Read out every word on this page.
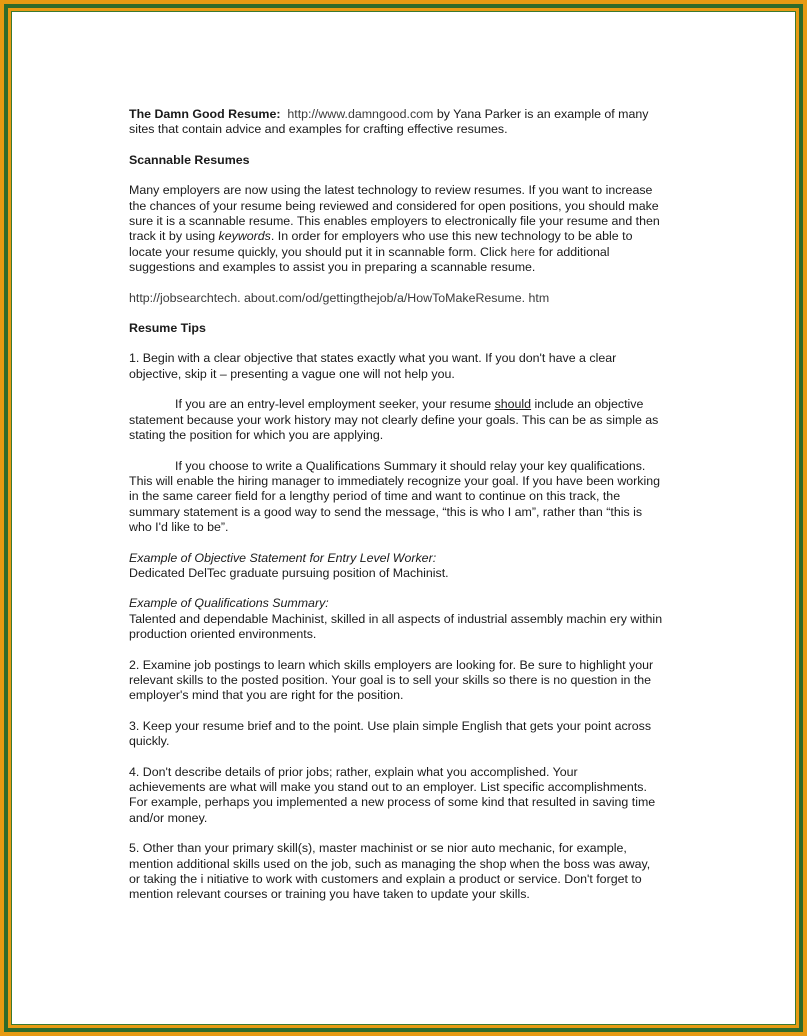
The Damn Good Resume: http://www.damngood.com by Yana Parker is an example of many

sites that contain advice and examples for crafting effective resumes.

Scannable Resumes

Many employers are now using the latest technology to review resumes. If you want to increase

the chances of your resume being reviewed and considered for open positions, you should make

sure it is a scannable resume. This enables employers to electronically file your resume and then

track it by using keywords. In order for employers who use this new technology to be able to

locate your resume quickly, you should put it in scannable form. Click here for additional

suggestions and examples to assist you in preparing a scannable resume.

http://jobsearchtech. about.com/od/gettingthejob/a/HowToMakeResume. htm

Resume Tips

1. Begin with a clear objective that states exactly what you want. If you don't have a clear

objective, skip it – presenting a vague one will not help you.

If you are an entry-level employment seeker, your resume should include an objective

statement because your work history may not clearly define your goals. This can be as simple as

stating the position for which you are applying.

If you choose to write a Qualifications Summary it should relay your key qualifications.

This will enable the hiring manager to immediately recognize your goal. If you have been working

in the same career field for a lengthy period of time and want to continue on this track, the

summary statement is a good way to send the message, “this is who I am”, rather than “this is

who I'd like to be”.

Example of Objective Statement for Entry Level Worker:

Dedicated DelTec graduate pursuing position of Machinist.

Example of Qualifications Summary:

Talented and dependable Machinist, skilled in all aspects of industrial assembly machin ery within

production oriented environments.

2. Examine job postings to learn which skills employers are looking for. Be sure to highlight your

relevant skills to the posted position. Your goal is to sell your skills so there is no question in the

employer's mind that you are right for the position.

3. Keep your resume brief and to the point. Use plain simple English that gets your point across

quickly.

4. Don't describe details of prior jobs; rather, explain what you accomplished. Your

achievements are what will make you stand out to an employer. List specific accomplishments.

For example, perhaps you implemented a new process of some kind that resulted in saving time

and/or money.

5. Other than your primary skill(s), master machinist or se nior auto mechanic, for example,

mention additional skills used on the job, such as managing the shop when the boss was away,

or taking the i nitiative to work with customers and explain a product or service. Don't forget to

mention relevant courses or training you have taken to update your skills.
